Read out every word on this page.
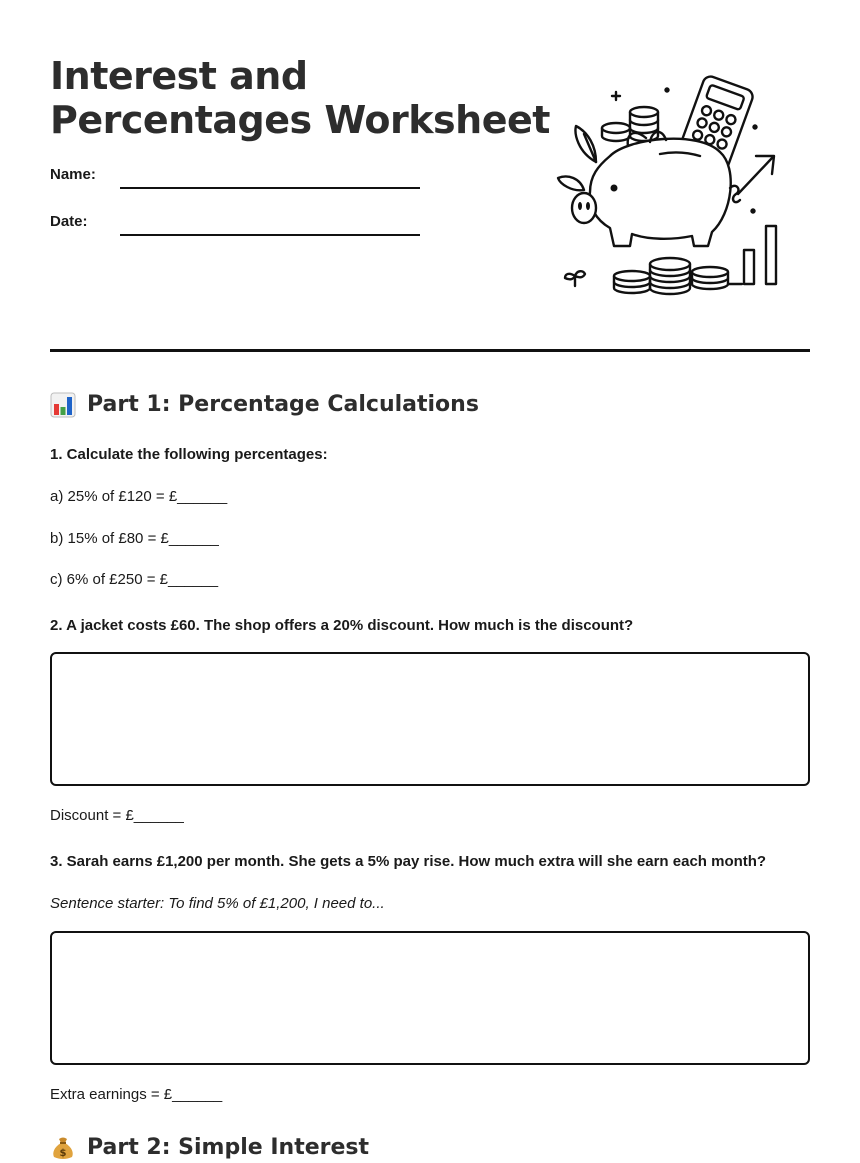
Interest and
Percentages Worksheet
Name:
Date:
Part 1: Percentage Calculations

1. Calculate the following percentages:

a) 25% of £120 = £______

b) 15% of £80 = £______

c) 6% of £250 = £______

2. A jacket costs £60. The shop offers a 20% discount. How much is the discount?

Discount = £______

3. Sarah earns £1,200 per month. She gets a 5% pay rise. How much extra will she earn each month?

Sentence starter: To find 5% of £1,200, I need to...

Extra earnings = £______

$ Part 2: Simple Interest
